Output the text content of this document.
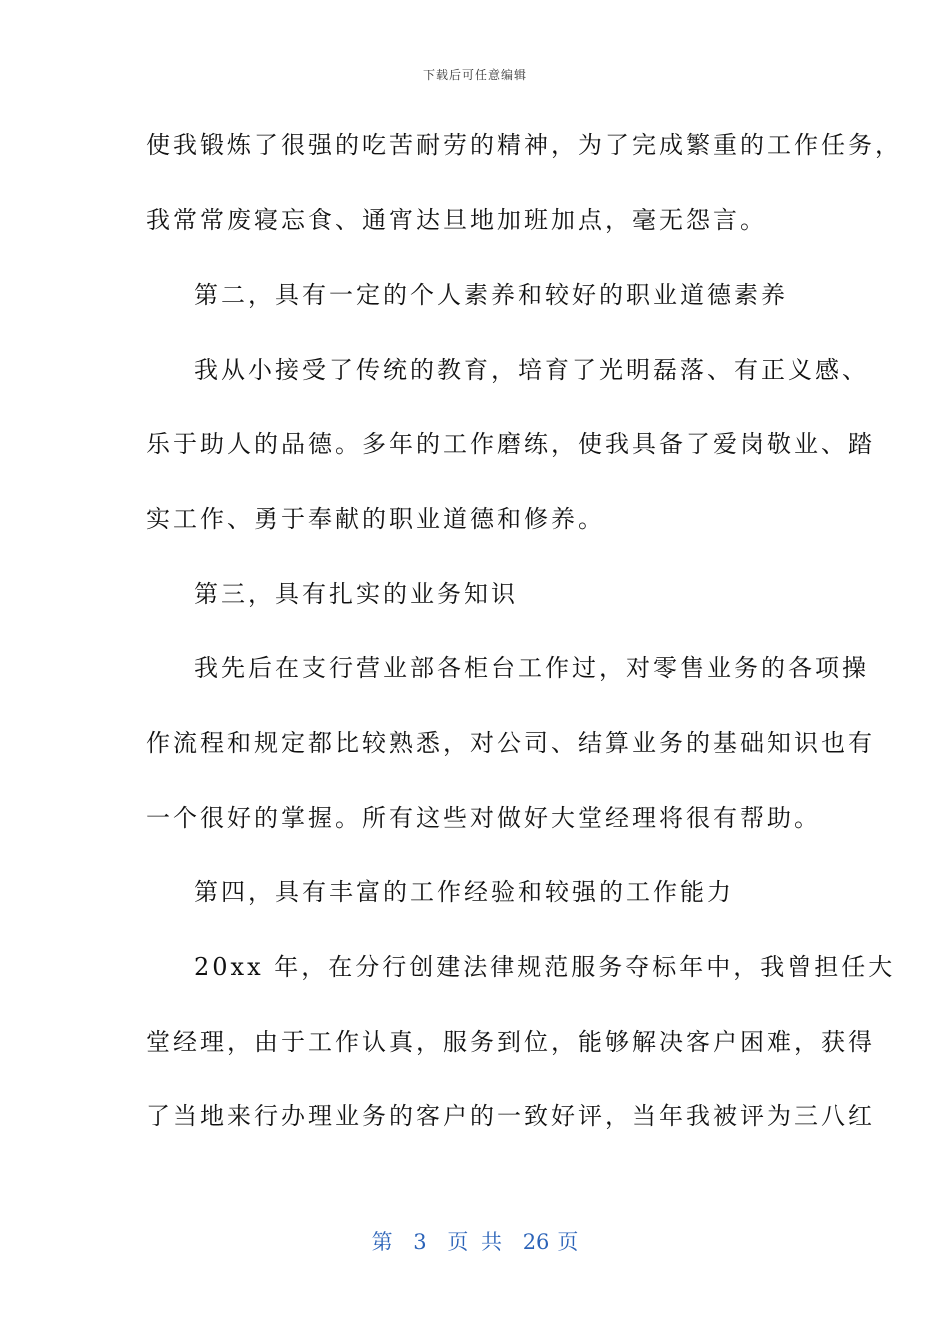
下载后可任意编辑
使我锻炼了很强的吃苦耐劳的精神，为了完成繁重的工作任务，
我常常废寝忘食、通宵达旦地加班加点，毫无怨言。
第二，具有一定的个人素养和较好的职业道德素养
我从小接受了传统的教育，培育了光明磊落、有正义感、
乐于助人的品德。多年的工作磨练，使我具备了爱岗敬业、踏
实工作、勇于奉献的职业道德和修养。
第三，具有扎实的业务知识
我先后在支行营业部各柜台工作过，对零售业务的各项操
作流程和规定都比较熟悉，对公司、结算业务的基础知识也有
一个很好的掌握。所有这些对做好大堂经理将很有帮助。
第四，具有丰富的工作经验和较强的工作能力
20xx 年，在分行创建法律规范服务夺标年中，我曾担任大
堂经理，由于工作认真，服务到位，能够解决客户困难，获得
了当地来行办理业务的客户的一致好评，当年我被评为三八红
第 3 页 共 26 页
